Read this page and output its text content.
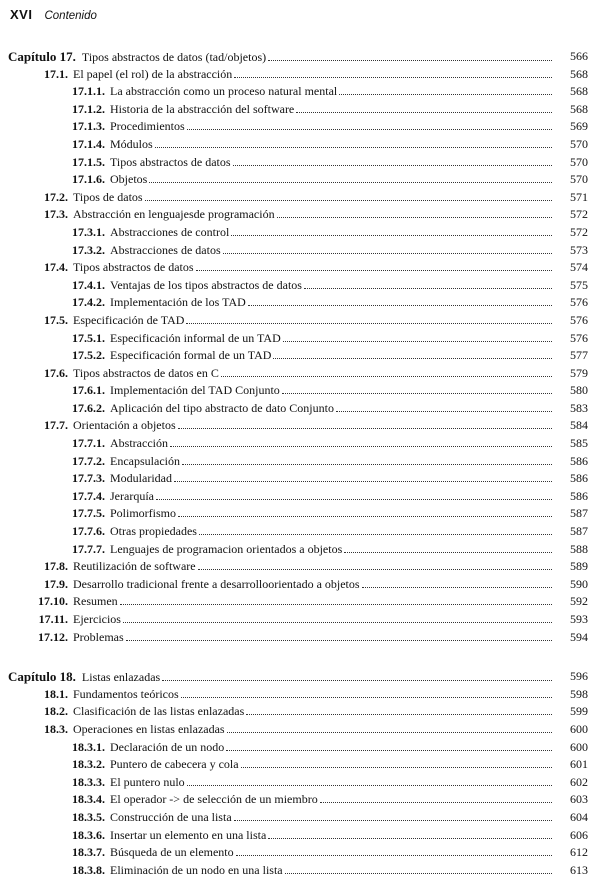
XVI Contenido
Capítulo 17. Tipos abstractos de datos (tad/objetos)	566
17.1. El papel (el rol) de la abstracción	568
17.1.1. La abstracción como un proceso natural mental	568
17.1.2. Historia de la abstracción del software	568
17.1.3. Procedimientos	569
17.1.4. Módulos	570
17.1.5. Tipos abstractos de datos	570
17.1.6. Objetos	570
17.2. Tipos de datos	571
17.3. Abstracción en lenguajesde programación	572
17.3.1. Abstracciones de control	572
17.3.2. Abstracciones de datos	573
17.4. Tipos abstractos de datos	574
17.4.1. Ventajas de los tipos abstractos de datos	575
17.4.2. Implementación de los TAD	576
17.5. Especificación de TAD	576
17.5.1. Especificación informal de un TAD	576
17.5.2. Especificación formal de un TAD	577
17.6. Tipos abstractos de datos en C	579
17.6.1. Implementación del TAD Conjunto	580
17.6.2. Aplicación del tipo abstracto de dato Conjunto	583
17.7. Orientación a objetos	584
17.7.1. Abstracción	585
17.7.2. Encapsulación	586
17.7.3. Modularidad	586
17.7.4. Jerarquía	586
17.7.5. Polimorfismo	587
17.7.6. Otras propiedades	587
17.7.7. Lenguajes de programacion orientados a objetos	588
17.8. Reutilización de software	589
17.9. Desarrollo tradicional frente a desarrolloorientado a objetos	590
17.10. Resumen	592
17.11. Ejercicios	593
17.12. Problemas	594
Capítulo 18. Listas enlazadas	596
18.1. Fundamentos teóricos	598
18.2. Clasificación de las listas enlazadas	599
18.3. Operaciones en listas enlazadas	600
18.3.1. Declaración de un nodo	600
18.3.2. Puntero de cabecera y cola	601
18.3.3. El puntero nulo	602
18.3.4. El operador -> de selección de un miembro	603
18.3.5. Construcción de una lista	604
18.3.6. Insertar un elemento en una lista	606
18.3.7. Búsqueda de un elemento	612
18.3.8. Eliminación de un nodo en una lista	613
